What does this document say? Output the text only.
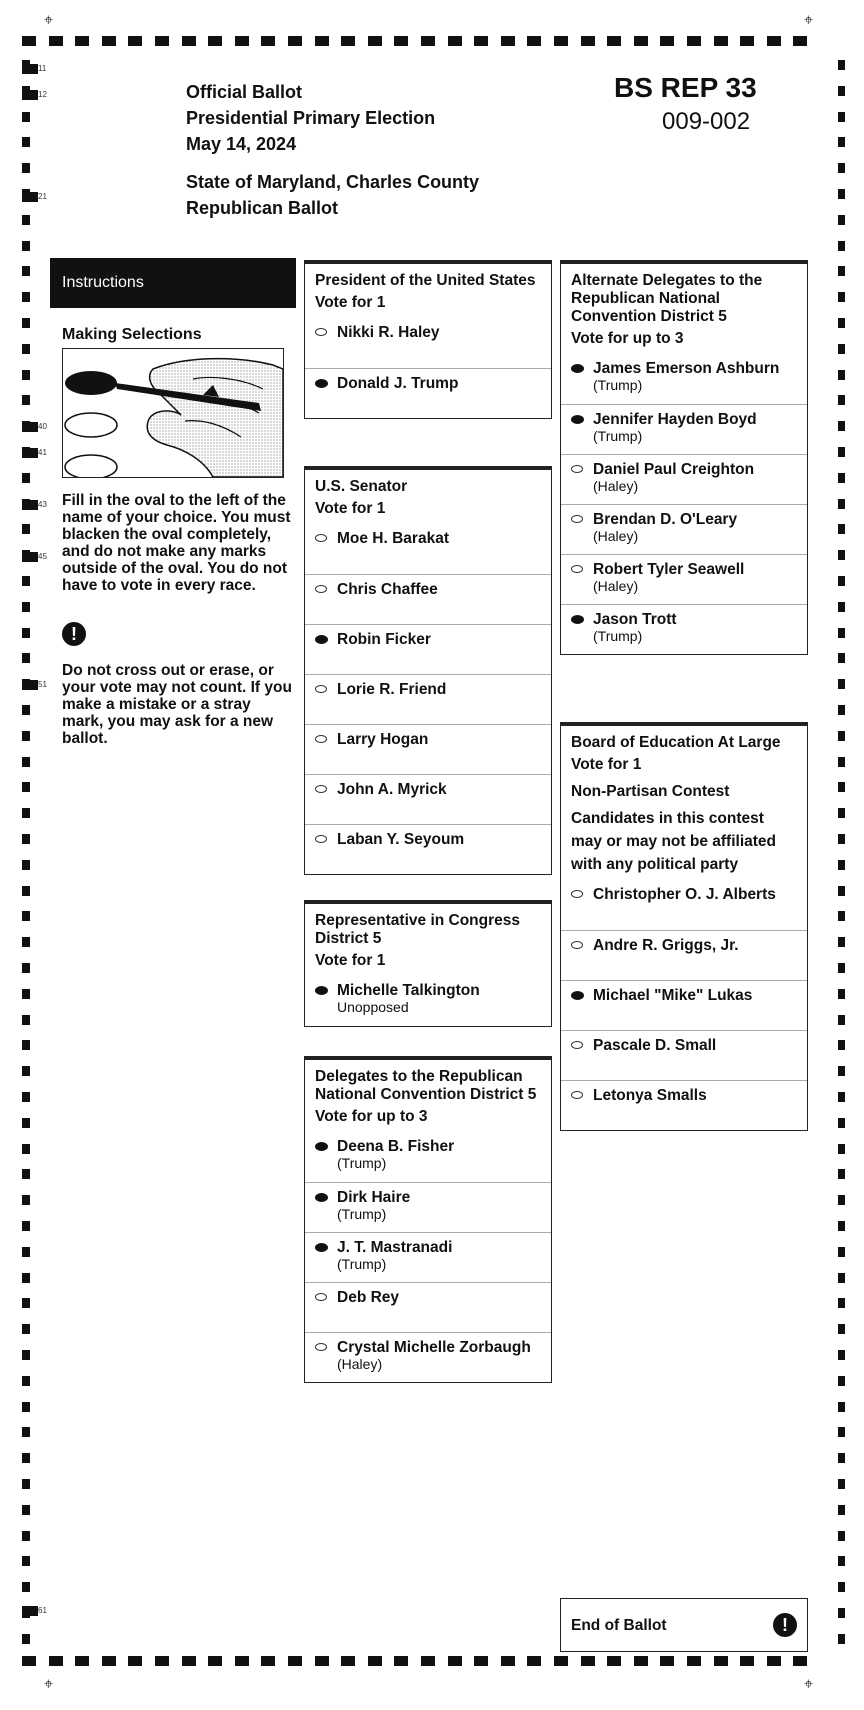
⌖	⌖
⌖	⌖
11
12
21
40
41
43
45
51
61
Official Ballot
Presidential Primary Election
May 14, 2024
State of Maryland, Charles County
Republican Ballot
BS REP 33
009-002
Instructions
Making Selections
Fill in the oval to the left of the name of your choice. You must blacken the oval completely, and do not make any marks outside of the oval. You do not have to vote in every race.
!
Do not cross out or erase, or your vote may not count. If you make a mistake or a stray mark, you may ask for a new ballot.
President of the United States
Vote for 1
Nikki R. Haley
Donald J. Trump
U.S. Senator
Vote for 1
Moe H. Barakat
Chris Chaffee
Robin Ficker
Lorie R. Friend
Larry Hogan
John A. Myrick
Laban Y. Seyoum
Representative in Congress District 5
Vote for 1
Michelle Talkington
Unopposed
Delegates to the Republican National Convention District 5
Vote for up to 3
Deena B. Fisher
(Trump)
Dirk Haire
(Trump)
J. T. Mastranadi
(Trump)
Deb Rey
Crystal Michelle Zorbaugh
(Haley)
Alternate Delegates to the Republican National Convention District 5
Vote for up to 3
James Emerson Ashburn
(Trump)
Jennifer Hayden Boyd
(Trump)
Daniel Paul Creighton
(Haley)
Brendan D. O'Leary
(Haley)
Robert Tyler Seawell
(Haley)
Jason Trott
(Trump)
Board of Education At Large
Vote for 1
Non-Partisan Contest
Candidates in this contest may or may not be affiliated with any political party
Christopher O. J. Alberts
Andre R. Griggs, Jr.
Michael "Mike" Lukas
Pascale D. Small
Letonya Smalls
End of Ballot	!
